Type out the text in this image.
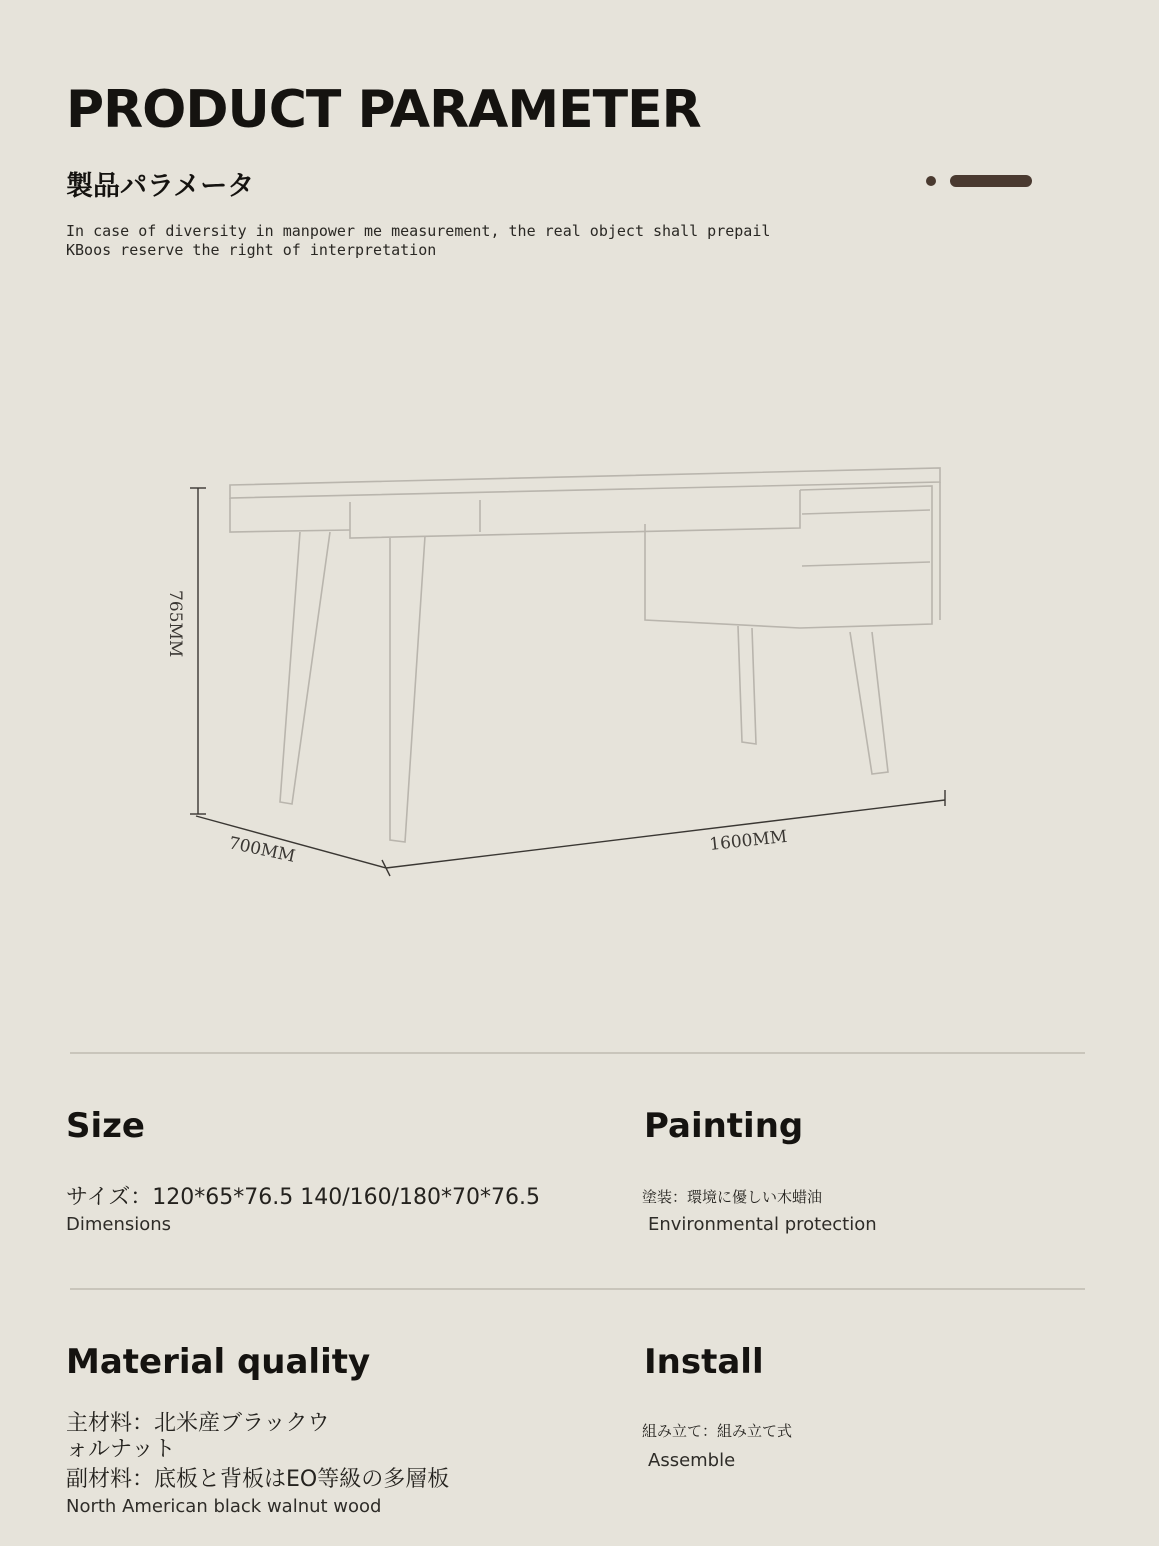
PRODUCT PARAMETER
製品パラメータ
In case of diversity in manpower me measurement, the real object shall prepail
KBoos reserve the right of interpretation
765MM
700MM	1600MM
Size
サイズ：120*65*76.5 140/160/180*70*76.5
Dimensions
Painting
塗装：環境に優しい木蜡油
Environmental protection
Material quality
主材料：北米産ブラックウ
ォルナット
副材料：底板と背板はEO等級の多層板
North American black walnut wood
Install
組み立て：組み立て式
Assemble
